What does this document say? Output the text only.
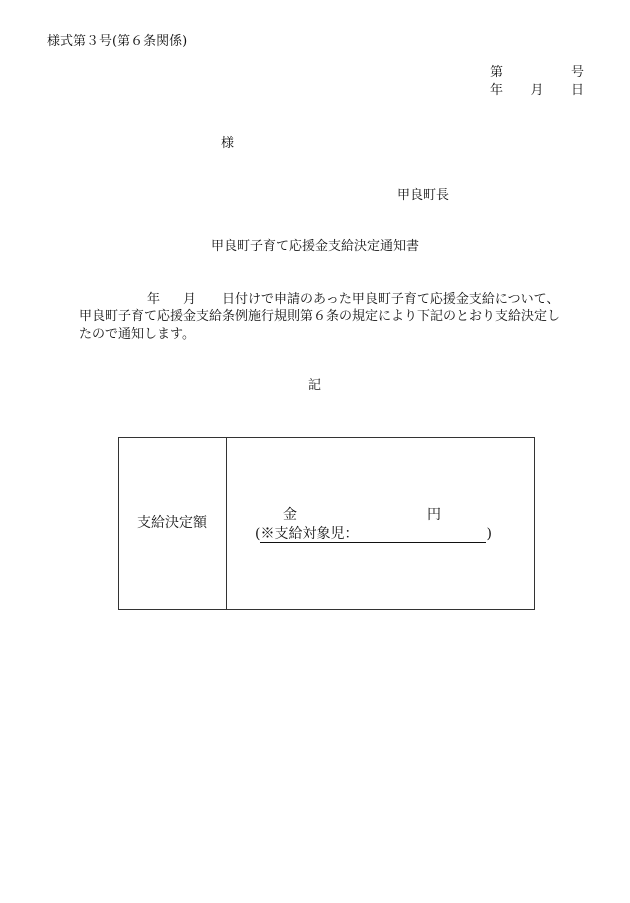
様式第３号(第６条関係)
第	号
年 月 日
様
甲良町長
甲良町子育て応援金支給決定通知書
年 月 日付けで申請のあった甲良町子育て応援金支給について、
甲良町子育て応援金支給条例施行規則第６条の規定により下記のとおり支給決定し
たので通知します。
記
支給決定額	金	円
(※支給対象児：	)
